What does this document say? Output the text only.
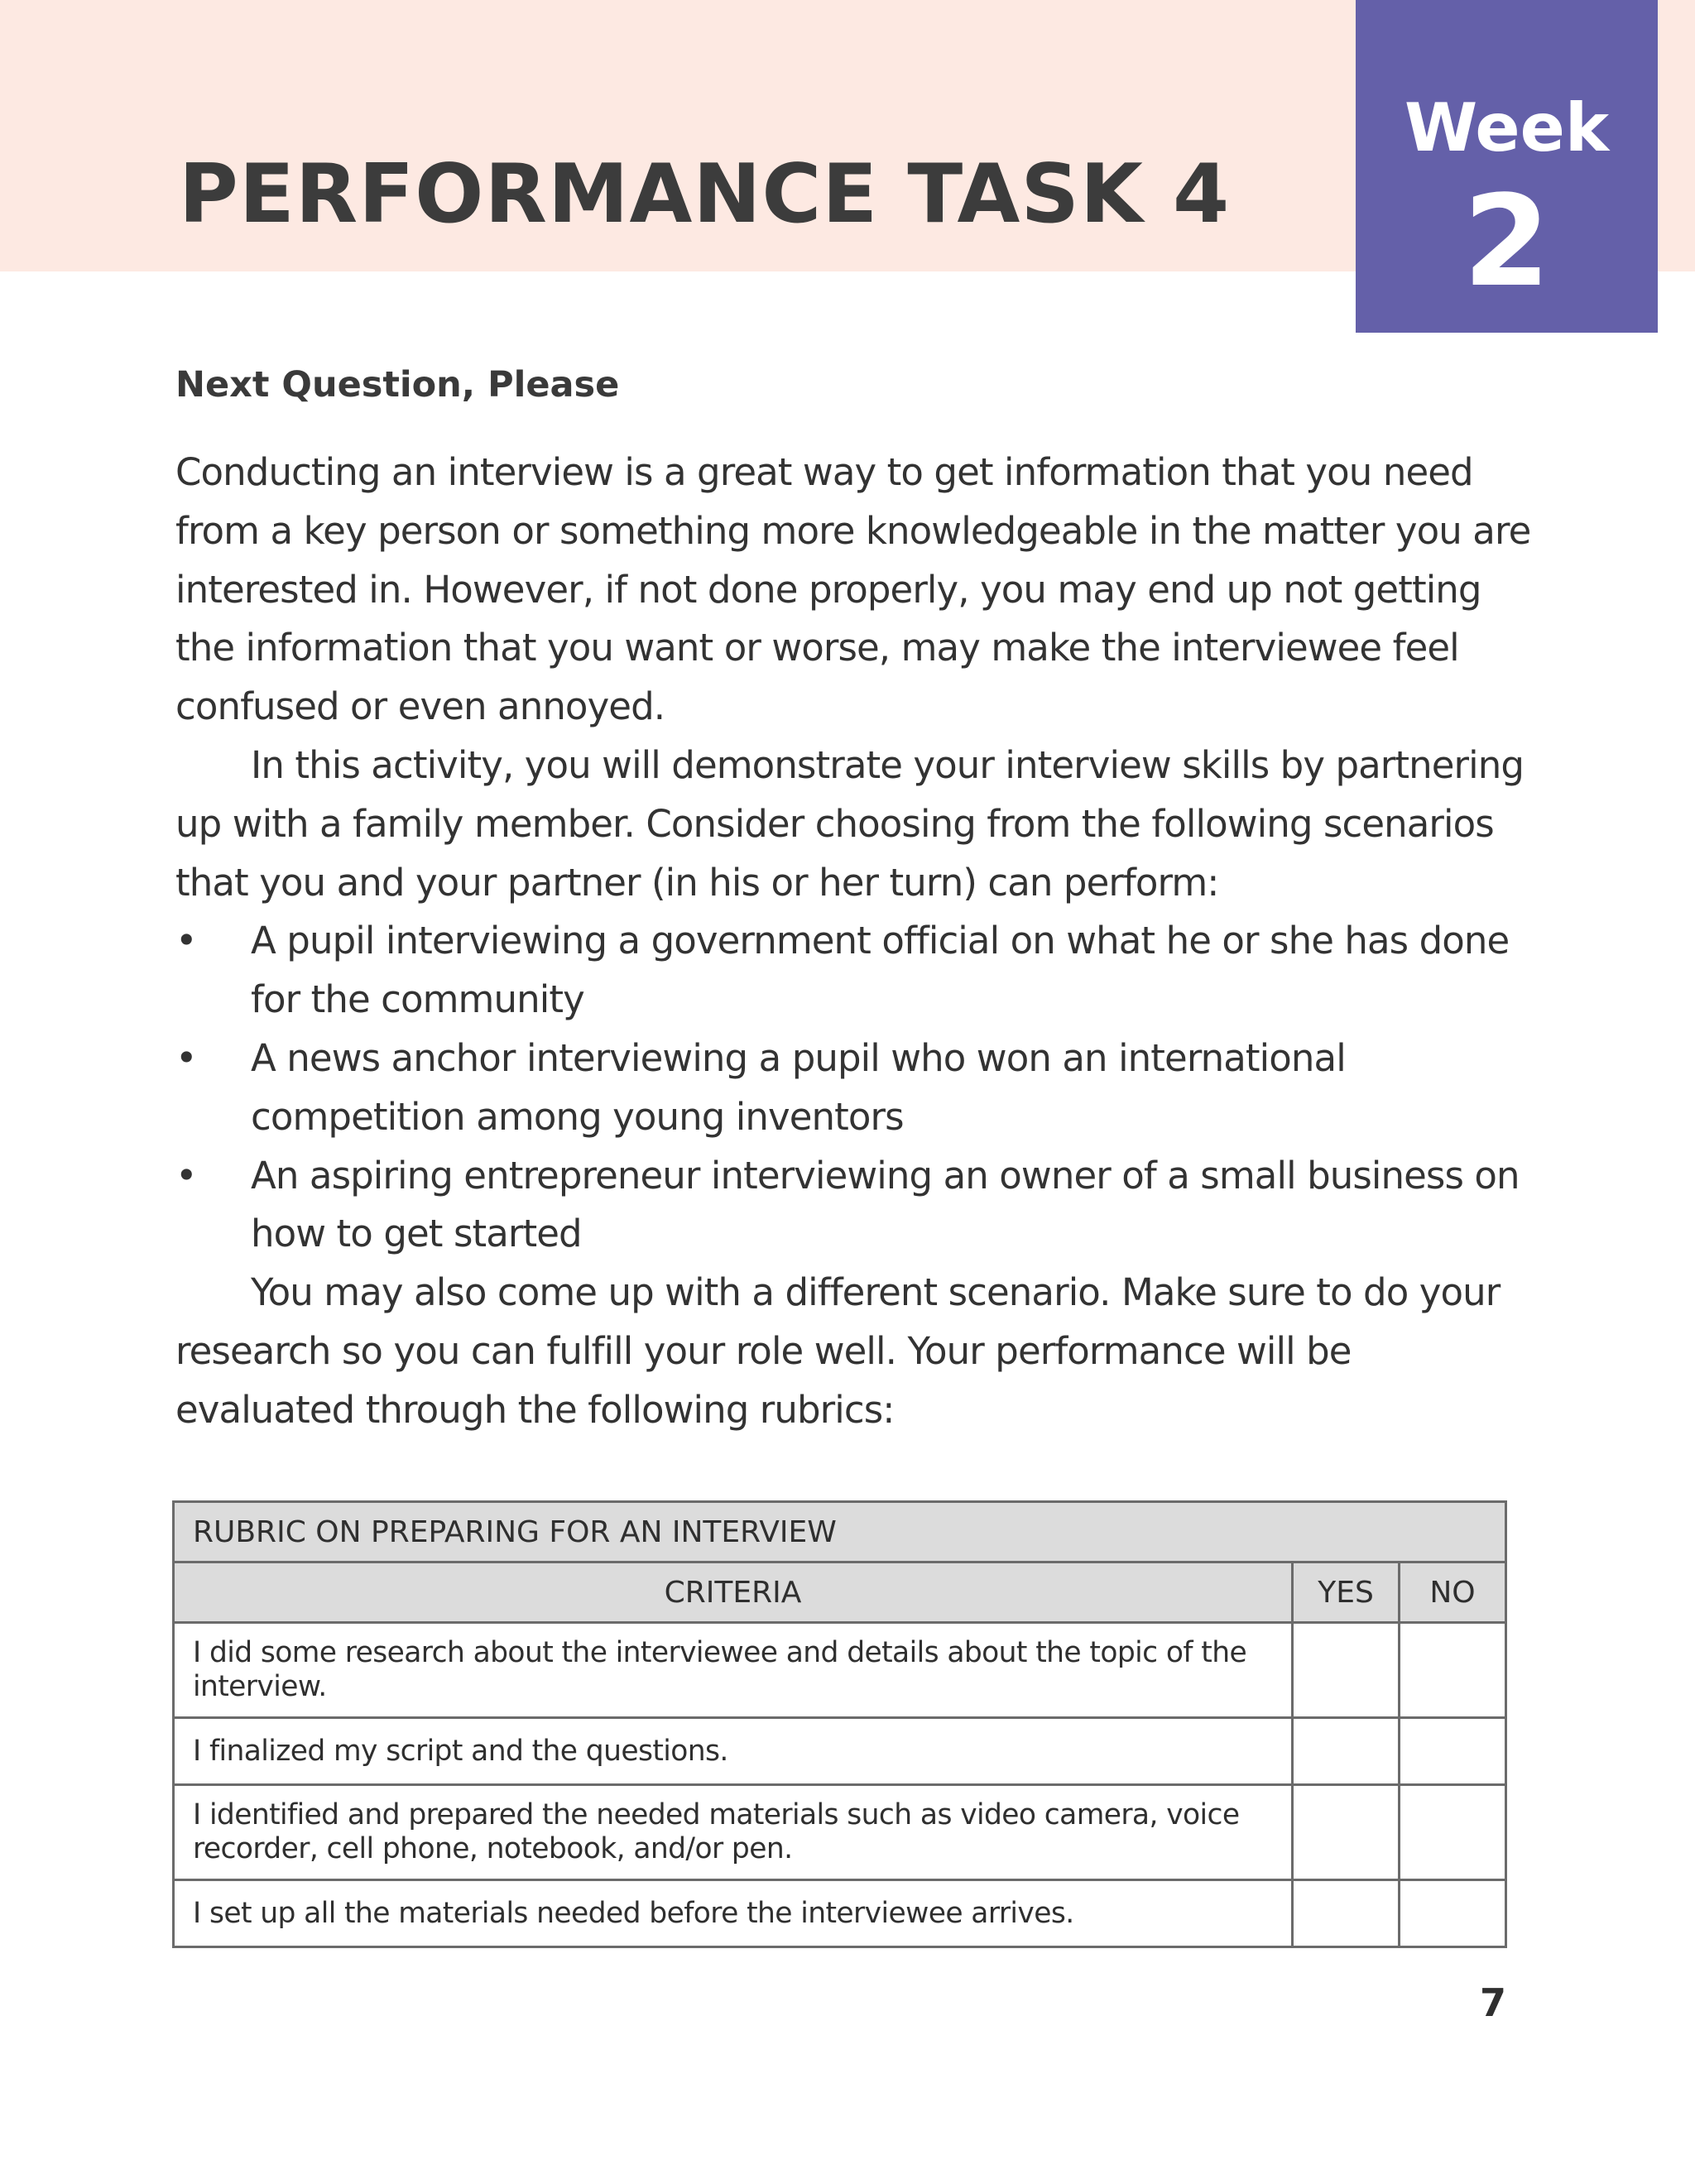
PERFORMANCE TASK 4
Week
2
Next Question, Please

Conducting an interview is a great way to get information that you need from a key person or something more knowledgeable in the matter you are interested in. However, if not done properly, you may end up not getting the information that you want or worse, may make the interviewee feel confused or even annoyed.

In this activity, you will demonstrate your interview skills by partnering up with a family member. Consider choosing from the following scenarios that you and your partner (in his or her turn) can perform:

• A pupil interviewing a government official on what he or she has done for the community
• A news anchor interviewing a pupil who won an international competition among young inventors
• An aspiring entrepreneur interviewing an owner of a small business on how to get started

You may also come up with a different scenario. Make sure to do your research so you can fulfill your role well. Your performance will be evaluated through the following rubrics:

RUBRIC ON PREPARING FOR AN INTERVIEW		
CRITERIA	YES	NO
I did some research about the interviewee and details about the topic of the interview.		
I finalized my script and the questions.		
I identified and prepared the needed materials such as video camera, voice recorder, cell phone, notebook, and/or pen.		
I set up all the materials needed before the interviewee arrives.		
7
